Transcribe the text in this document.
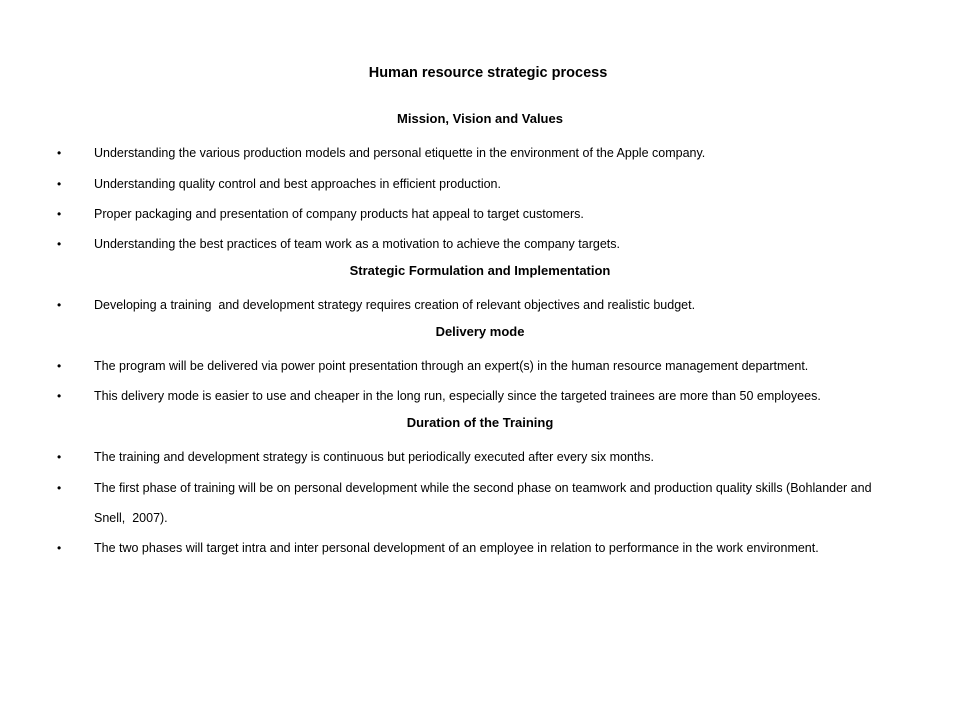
Human resource strategic process
Mission, Vision and Values
•	Understanding the various production models and personal etiquette in the environment of the Apple company.
•	Understanding quality control and best approaches in efficient production.
•	Proper packaging and presentation of company products hat appeal to target customers.
•	Understanding the best practices of team work as a motivation to achieve the company targets.
Strategic Formulation and Implementation
•	Developing a training  and development strategy requires creation of relevant objectives and realistic budget.
Delivery mode
•	The program will be delivered via power point presentation through an expert(s) in the human resource management department.
•	This delivery mode is easier to use and cheaper in the long run, especially since the targeted trainees are more than 50 employees.
Duration of the Training
•	The training and development strategy is continuous but periodically executed after every six months.
•	The first phase of training will be on personal development while the second phase on teamwork and production quality skills (Bohlander and  Snell,  2007).
•	The two phases will target intra and inter personal development of an employee in relation to performance in the work environment.
